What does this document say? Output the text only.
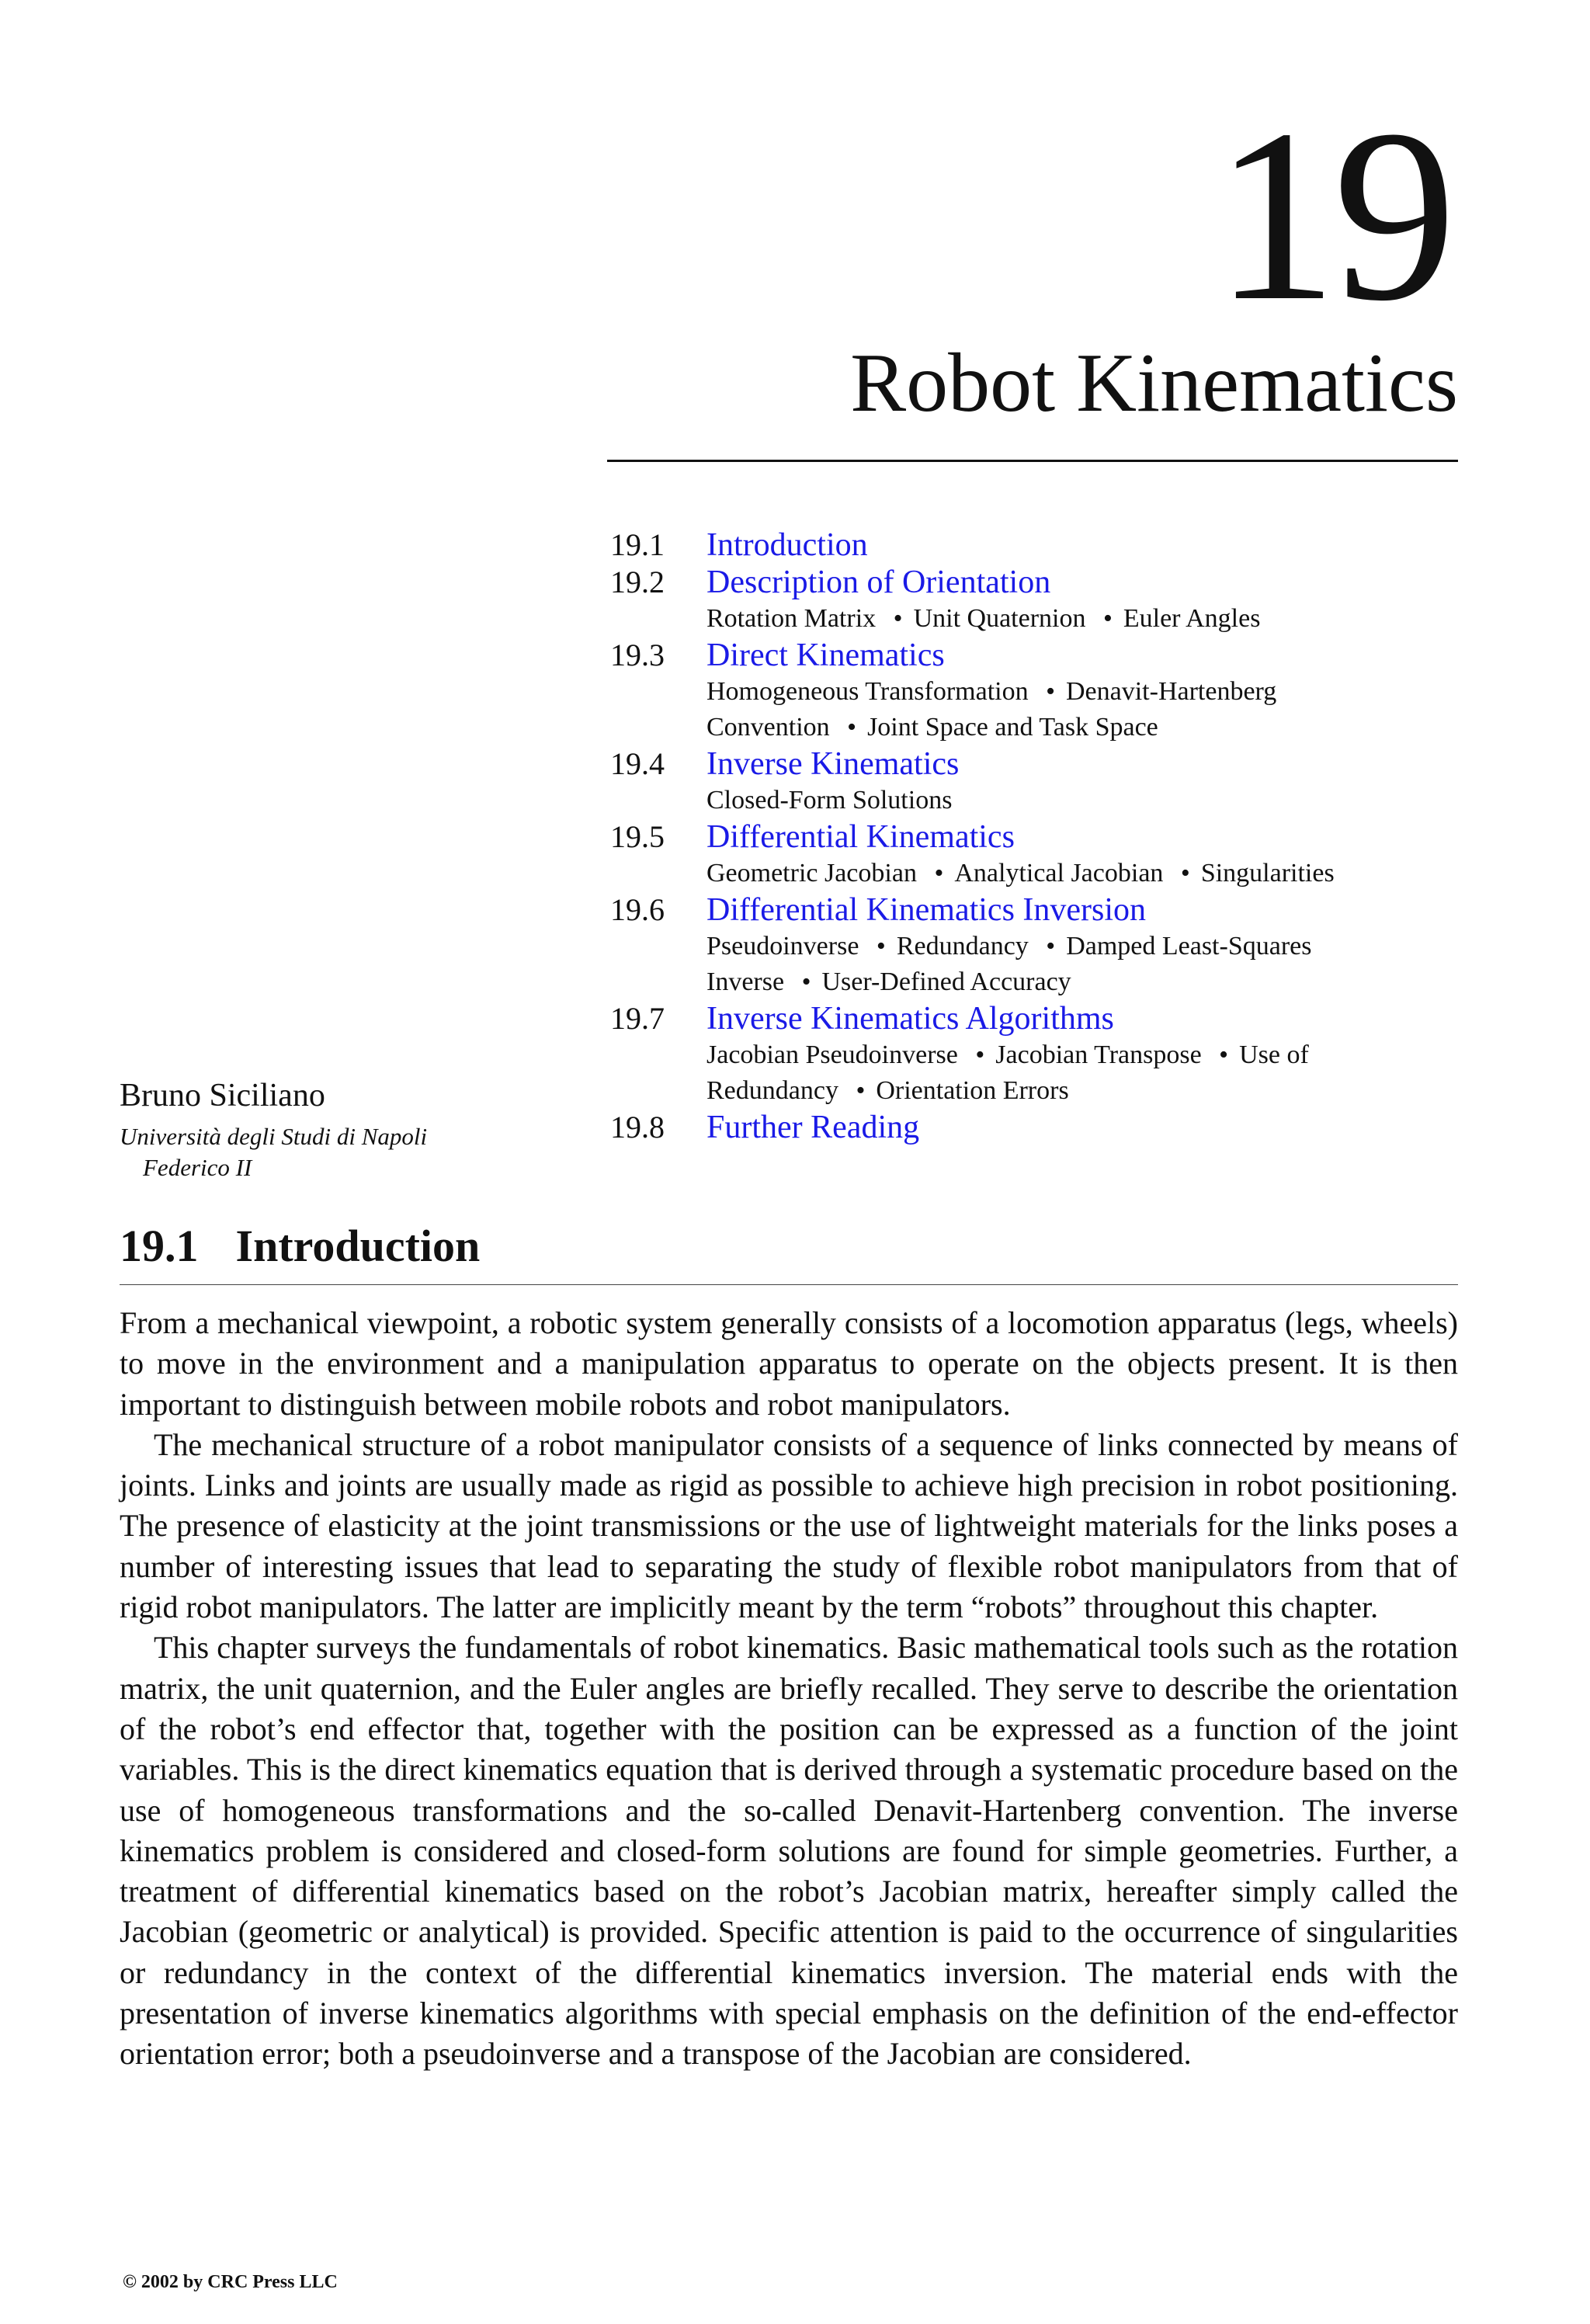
19
Robot Kinematics
19.1	Introduction
19.2	Description of Orientation
Rotation Matrix • Unit Quaternion • Euler Angles
19.3	Direct Kinematics
Homogeneous Transformation • Denavit-Hartenberg Convention • Joint Space and Task Space
19.4	Inverse Kinematics
Closed-Form Solutions
19.5	Differential Kinematics
Geometric Jacobian • Analytical Jacobian • Singularities
19.6	Differential Kinematics Inversion
Pseudoinverse • Redundancy • Damped Least-Squares Inverse • User-Defined Accuracy
19.7	Inverse Kinematics Algorithms
Jacobian Pseudoinverse • Jacobian Transpose • Use of Redundancy • Orientation Errors
19.8	Further Reading
Bruno Siciliano
Università degli Studi di Napoli
Federico II
19.1 Introduction

From a mechanical viewpoint, a robotic system generally consists of a locomotion apparatus (legs, wheels) to move in the environment and a manipulation apparatus to operate on the objects present. It is then important to distinguish between mobile robots and robot manipulators.

The mechanical structure of a robot manipulator consists of a sequence of links connected by means of joints. Links and joints are usually made as rigid as possible to achieve high precision in robot positioning. The presence of elasticity at the joint transmissions or the use of lightweight materials for the links poses a number of interesting issues that lead to separating the study of flexible robot manipulators from that of rigid robot manipulators. The latter are implicitly meant by the term “robots” throughout this chapter.

This chapter surveys the fundamentals of robot kinematics. Basic mathematical tools such as the rotation matrix, the unit quaternion, and the Euler angles are briefly recalled. They serve to describe the orientation of the robot’s end effector that, together with the position can be expressed as a function of the joint variables. This is the direct kinematics equation that is derived through a systematic procedure based on the use of homogeneous transformations and the so-called Denavit-Hartenberg convention. The inverse kinematics problem is considered and closed-form solutions are found for simple geometries. Further, a treatment of differential kinematics based on the robot’s Jacobian matrix, hereafter simply called the Jacobian (geometric or analytical) is provided. Specific attention is paid to the occurrence of singularities or redundancy in the context of the differential kinematics inversion. The material ends with the presentation of inverse kinematics algorithms with special emphasis on the definition of the end-effector orientation error; both a pseudoinverse and a transpose of the Jacobian are considered.

© 2002 by CRC Press LLC
